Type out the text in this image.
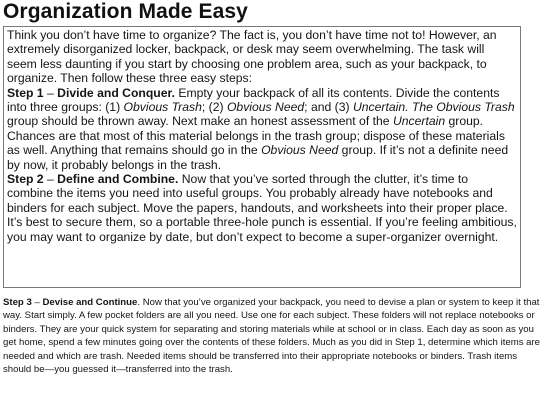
Organization Made Easy

Think you don’t have time to organize? The fact is, you don’t have time not to! However, an extremely disorganized locker, backpack, or desk may seem overwhelming. The task will seem less daunting if you start by choosing one problem area, such as your backpack, to organize. Then follow these three easy steps:

Step 1 – Divide and Conquer. Empty your backpack of all its contents. Divide the contents into three groups: (1) Obvious Trash; (2) Obvious Need; and (3) Uncertain. The Obvious Trash group should be thrown away. Next make an honest assessment of the Uncertain group. Chances are that most of this material belongs in the trash group; dispose of these materials as well. Anything that remains should go in the Obvious Need group. If it’s not a definite need by now, it probably belongs in the trash.

Step 2 – Define and Combine. Now that you’ve sorted through the clutter, it’s time to combine the items you need into useful groups. You probably already have notebooks and binders for each subject. Move the papers, handouts, and worksheets into their proper place. It’s best to secure them, so a portable three-hole punch is essential. If you’re feeling ambitious, you may want to organize by date, but don’t expect to become a super-organizer overnight.

Step 3 – Devise and Continue. Now that you’ve organized your backpack, you need to devise a plan or system to keep it that way. Start simply. A few pocket folders are all you need. Use one for each subject. These folders will not replace notebooks or binders. They are your quick system for separating and storing materials while at school or in class. Each day as soon as you get home, spend a few minutes going over the contents of these folders. Much as you did in Step 1, determine which items are needed and which are trash. Needed items should be transferred into their appropriate notebooks or binders. Trash items should be—you guessed it—transferred into the trash.
